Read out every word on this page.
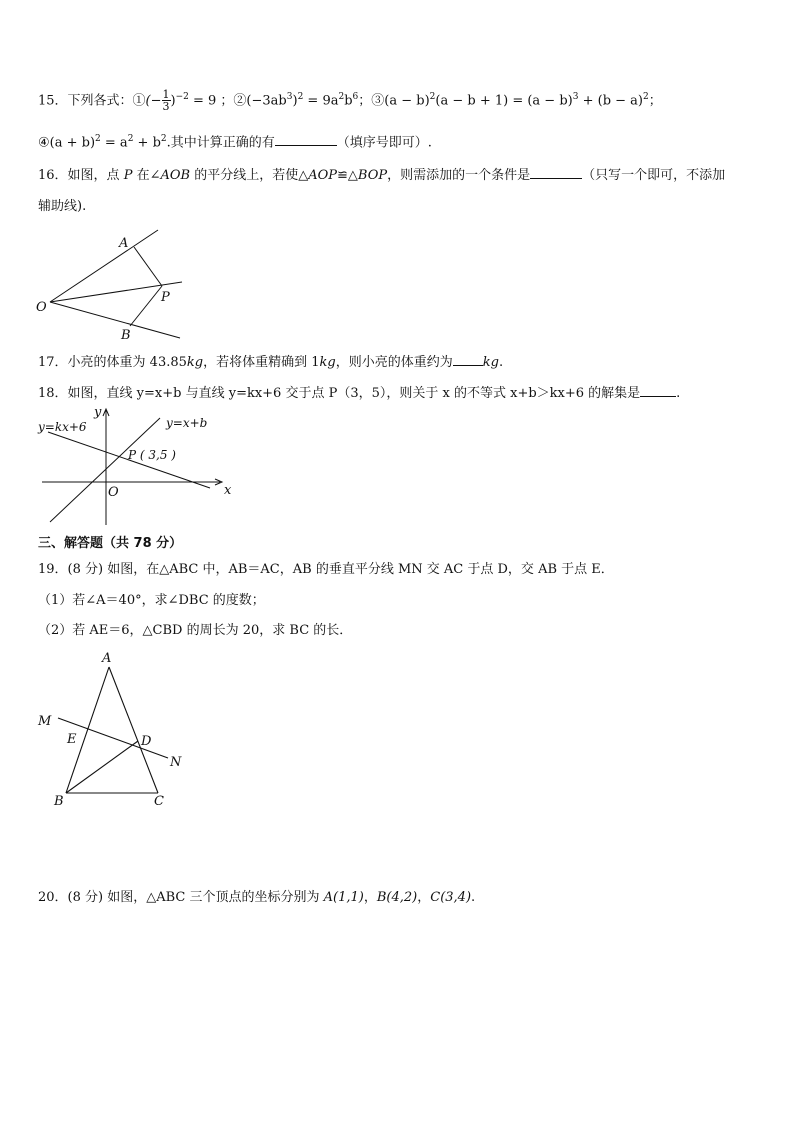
15．下列各式：①(− $\frac{1}{3} )^{-2} = 9$ ；$②(-3ab^3)^2 = 9a^2b^6$；③(a − $b)^2(a - b + 1) = (a - b)^3 + (b - a)^2$；
④(a + $b)^2 = a^2 + b^2$.其中计算正确的有	（填序号即可）.
16．如图，点 P 在∠AOB 的平分线上，若使△AOP≌△BOP，则需添加的一个条件是	（只写一个即可，不添加
辅助线).
A
P
O
B
17．小亮的体重为 43.85kg，若将体重精确到 1kg，则小亮的体重约为 kg.
18．如图，直线 y=x+b 与直线 y=kx+6 交于点 P（3，5），则关于 x 的不等式 x+b＞kx+6 的解集是	.
y
x
O
y=kx+6	y=x+b
P ( 3,5 )
三、解答题（共 78 分）
19．(8 分) 如图，在△ABC 中，AB＝AC，AB 的垂直平分线 MN 交 AC 于点 D，交 AB 于点 E．
（1）若∠A＝40°，求∠DBC 的度数；
（2）若 AE＝6，△CBD 的周长为 20，求 BC 的长．
A
M
E	D
N
B	C
20．(8 分) 如图，△ABC 三个顶点的坐标分别为 A(1,1)，B(4,2)，C(3,4).
